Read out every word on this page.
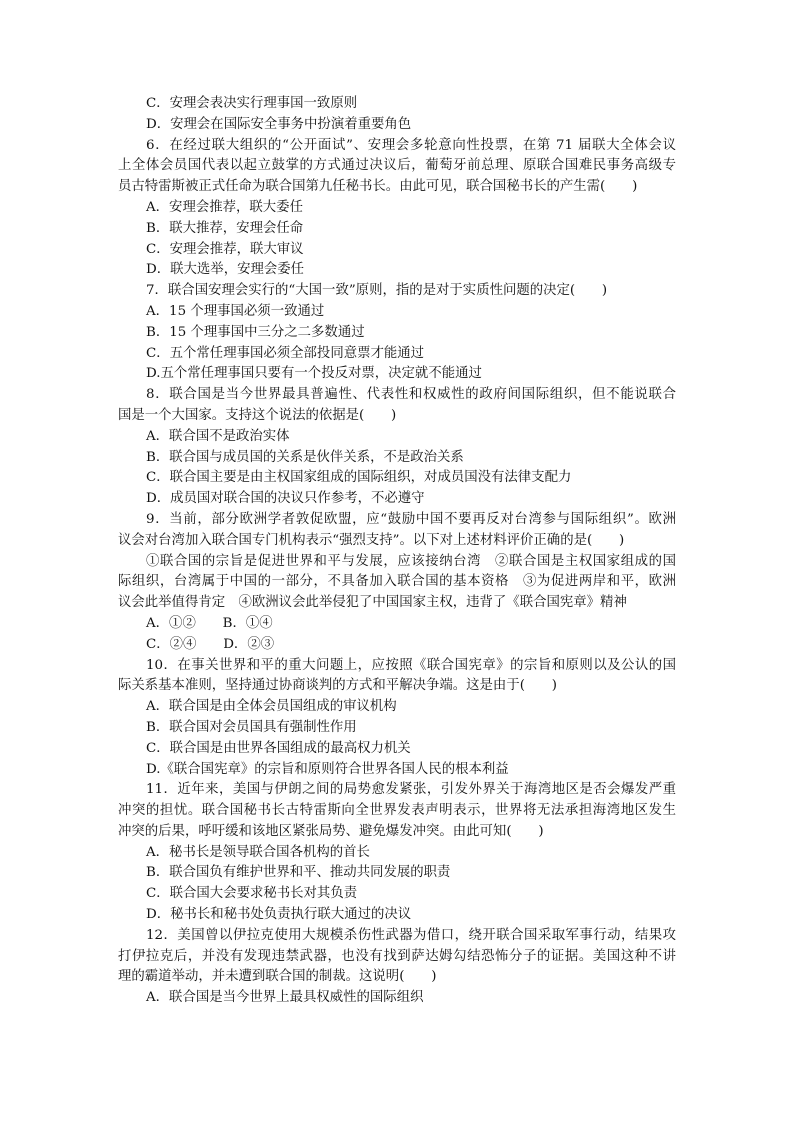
C．安理会表决实行理事国一致原则
D．安理会在国际安全事务中扮演着重要角色
6．在经过联大组织的“公开面试”、安理会多轮意向性投票，在第 71 届联大全体会议
上全体会员国代表以起立鼓掌的方式通过决议后，葡萄牙前总理、原联合国难民事务高级专
员古特雷斯被正式任命为联合国第九任秘书长。由此可见，联合国秘书长的产生需(　　)
A．安理会推荐，联大委任
B．联大推荐，安理会任命
C．安理会推荐，联大审议
D．联大选举，安理会委任
7．联合国安理会实行的“大国一致”原则，指的是对于实质性问题的决定(　　)
A．15 个理事国必须一致通过
B．15 个理事国中三分之二多数通过
C．五个常任理事国必须全部投同意票才能通过
D.五个常任理事国只要有一个投反对票，决定就不能通过
8．联合国是当今世界最具普遍性、代表性和权威性的政府间国际组织，但不能说联合
国是一个大国家。支持这个说法的依据是(　　)
A．联合国不是政治实体
B．联合国与成员国的关系是伙伴关系，不是政治关系
C．联合国主要是由主权国家组成的国际组织，对成员国没有法律支配力
D．成员国对联合国的决议只作参考，不必遵守
9．当前，部分欧洲学者敦促欧盟，应“鼓励中国不要再反对台湾参与国际组织”。欧洲
议会对台湾加入联合国专门机构表示“强烈支持”。以下对上述材料评价正确的是(　　)
①联合国的宗旨是促进世界和平与发展，应该接纳台湾　②联合国是主权国家组成的国
际组织，台湾属于中国的一部分，不具备加入联合国的基本资格　③为促进两岸和平，欧洲
议会此举值得肯定　④欧洲议会此举侵犯了中国国家主权，违背了《联合国宪章》精神
A．①②　　B．①④
C．②④　　D．②③
10．在事关世界和平的重大问题上，应按照《联合国宪章》的宗旨和原则以及公认的国
际关系基本准则，坚持通过协商谈判的方式和平解决争端。这是由于(　　)
A．联合国是由全体会员国组成的审议机构
B．联合国对会员国具有强制性作用
C．联合国是由世界各国组成的最高权力机关
D.《联合国宪章》的宗旨和原则符合世界各国人民的根本利益
11．近年来，美国与伊朗之间的局势愈发紧张，引发外界关于海湾地区是否会爆发严重
冲突的担忧。联合国秘书长古特雷斯向全世界发表声明表示，世界将无法承担海湾地区发生
冲突的后果，呼吁缓和该地区紧张局势、避免爆发冲突。由此可知(　　)
A．秘书长是领导联合国各机构的首长
B．联合国负有维护世界和平、推动共同发展的职责
C．联合国大会要求秘书长对其负责
D．秘书长和秘书处负责执行联大通过的决议
12．美国曾以伊拉克使用大规模杀伤性武器为借口，绕开联合国采取军事行动，结果攻
打伊拉克后，并没有发现违禁武器，也没有找到萨达姆勾结恐怖分子的证据。美国这种不讲
理的霸道举动，并未遭到联合国的制裁。这说明(　　)
A．联合国是当今世界上最具权威性的国际组织
